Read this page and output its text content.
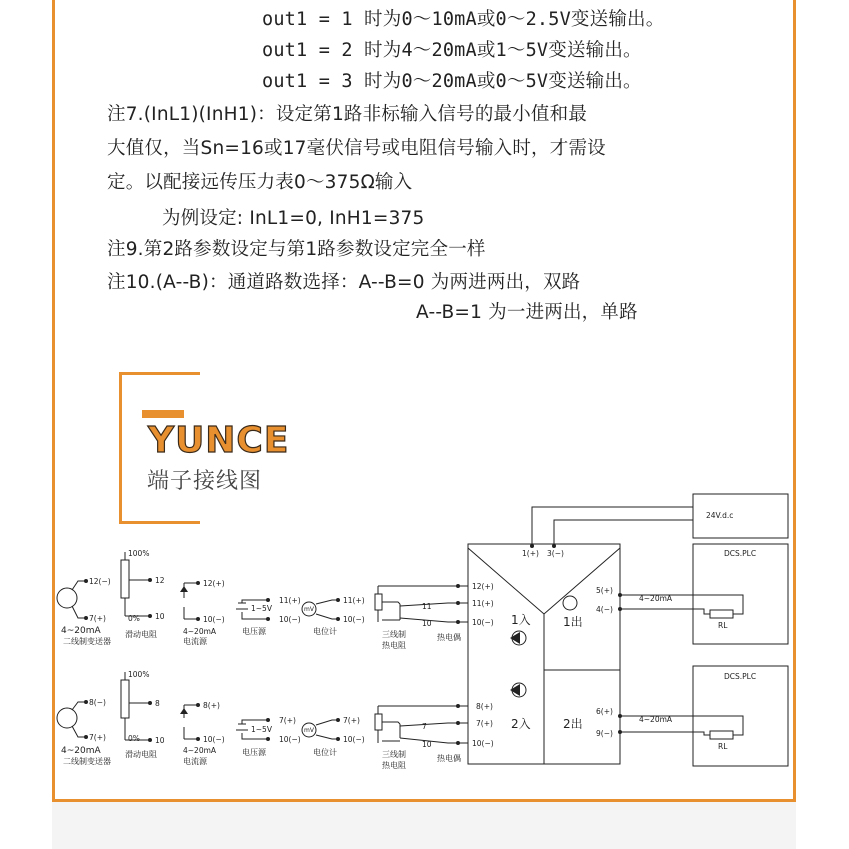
out1 = 1 时为0～10mA或0～2.5V变送输出。
out1 = 2 时为4～20mA或1～5V变送输出。
out1 = 3 时为0～20mA或0～5V变送输出。
注7.(InL1)(InH1)：设定第1路非标输入信号的最小值和最
大值仅，当Sn=16或17毫伏信号或电阻信号输入时，才需设
定。以配接远传压力表0～375Ω输入
为例设定: InL1=0, InH1=375
注9.第2路参数设定与第1路参数设定完全一样
注10.(A--B)：通道路数选择：A--B=0 为两进两出，双路
A--B=1 为一进两出，单路
YUNCE
端子接线图
24V.d.c
1(+) 3(−)	DCS.PLC
4~20mA
RL
5(+)
4(−)
DCS.PLC
4~20mA
RL
6(+)
9(−)
12(+)
11(+)
10(−)
8(+)
7(+)
10(−)
12(−)
7(+)
100%
0%
12
10
12(+)
10(−)
4~20mA
1~5V
11(+)
10(−)
mV
11(+)
10(−)
11
10
8(−)
7(+)
100%
0%
8
10
8(+)
10(−)
4~20mA
1~5V
7(+)
10(−)
mV
7(+)
10(−)
7
10
4~20mA
二线制变送器
滑动电阻
电流源
电压源	电位计	三线制
热电阻
热电偶
4~20mA
二线制变送器
滑动电阻
电流源
电压源	电位计	三线制
热电阻
热电偶
1入
2入
1出
2出
